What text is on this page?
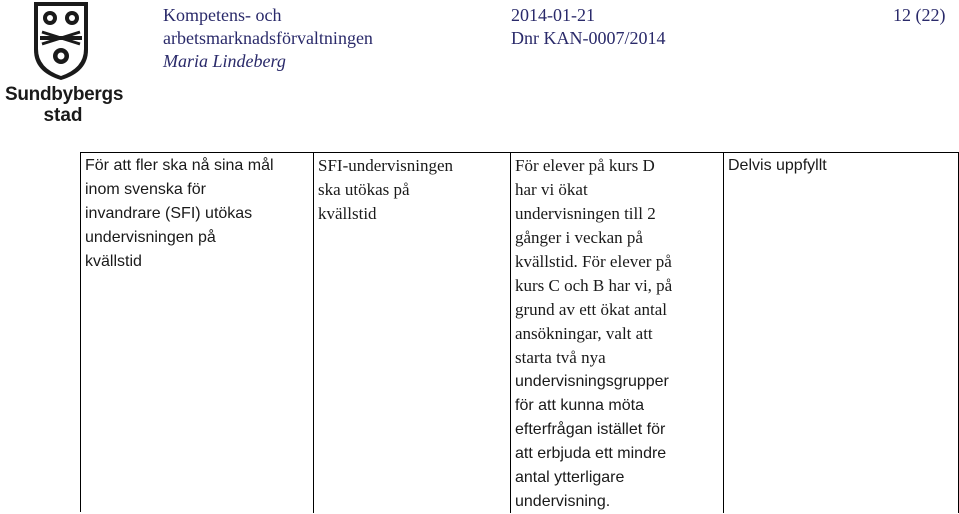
Sundbybergs
stad
Kompetens- och
arbetsmarknadsförvaltningen
Maria Lindeberg
2014-01-21
Dnr KAN-0007/2014
12 (22)
För att fler ska nå sina mål
inom svenska för
invandrare (SFI) utökas
undervisningen på
kvällstid
SFI-undervisningen
ska utökas på
kvällstid
För elever på kurs D
har vi ökat
undervisningen till 2
gånger i veckan på
kvällstid. För elever på
kurs C och B har vi, på
grund av ett ökat antal
ansökningar, valt att
starta två nya
undervisningsgrupper
för att kunna möta
efterfrågan istället för
att erbjuda ett mindre
antal ytterligare
undervisning.
Delvis uppfyllt
